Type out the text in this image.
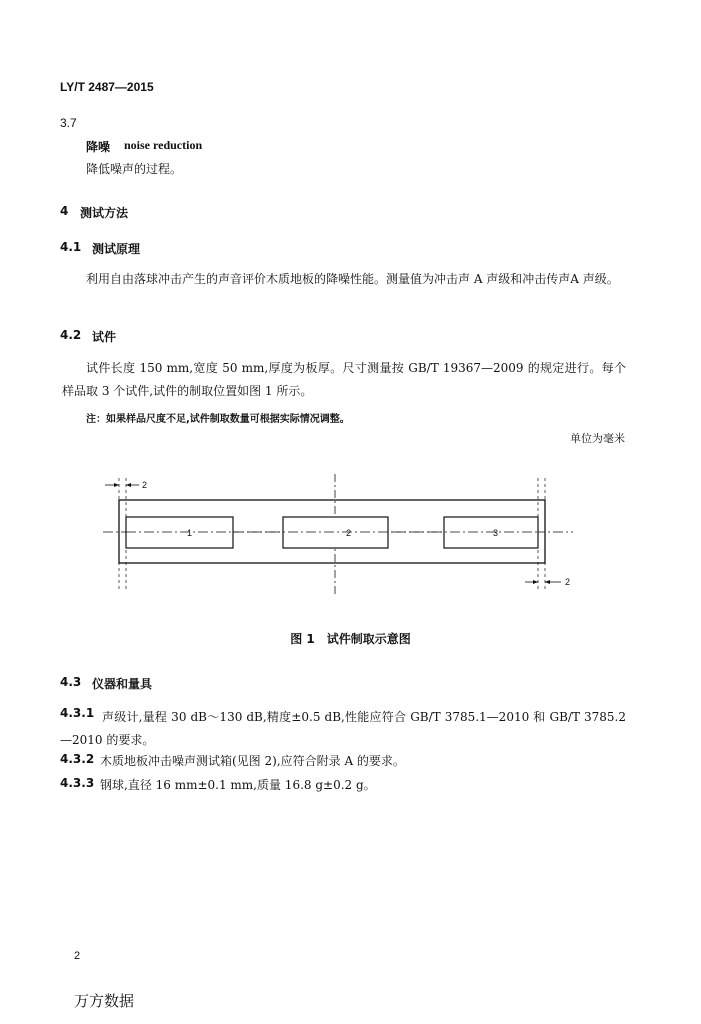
LY/T 2487—2015
3.7
降噪 noise reduction
降低噪声的过程。
4 测试方法
4.1 测试原理
利用自由落球冲击产生的声音评价木质地板的降噪性能。测量值为冲击声 A 声级和冲击传声A 声级。
4.2 试件
试件长度 150 mm,宽度 50 mm,厚度为板厚。尺寸测量按 GB/T 19367—2009 的规定进行。每个样品取 3 个试件,试件的制取位置如图 1 所示。
注：如果样品尺度不足,试件制取数量可根据实际情况调整。
单位为毫米
1	2	3
2
2
图 1　试件制取示意图
4.3 仪器和量具
4.3.1 声级计,量程 30 dB～130 dB,精度±0.5 dB,性能应符合 GB/T 3785.1—2010 和 GB/T 3785.2—2010 的要求。
4.3.2 木质地板冲击噪声测试箱(见图 2),应符合附录 A 的要求。
4.3.3 钢球,直径 16 mm±0.1 mm,质量 16.8 g±0.2 g。
2
万方数据
